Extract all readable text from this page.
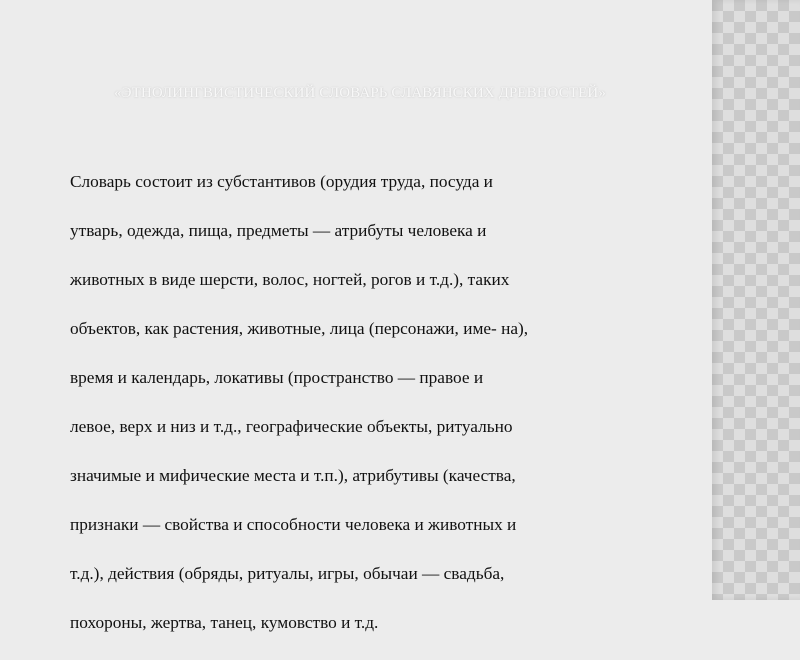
«ЭТНОЛИНГВИСТИЧЕСКИЙ СЛОВАРЬ СЛАВЯНСКИХ ДРЕВНОСТЕЙ»

Словарь состоит из субстантивов (орудия труда, посуда и

утварь, одежда, пища, предметы — атрибуты человека и

животных в виде шерсти, волос, ногтей, рогов и т.д.), таких

объектов, как растения, животные, лица (персонажи, име- на),

время и календарь, локативы (пространство — правое и

левое, верх и низ и т.д., географические объекты, ритуально

значимые и мифические места и т.п.), атрибутивы (качества,

признаки — свойства и способности человека и животных и

т.д.), действия (обряды, ритуалы, игры, обычаи — свадьба,

похороны, жертва, танец, кумовство и т.д.
